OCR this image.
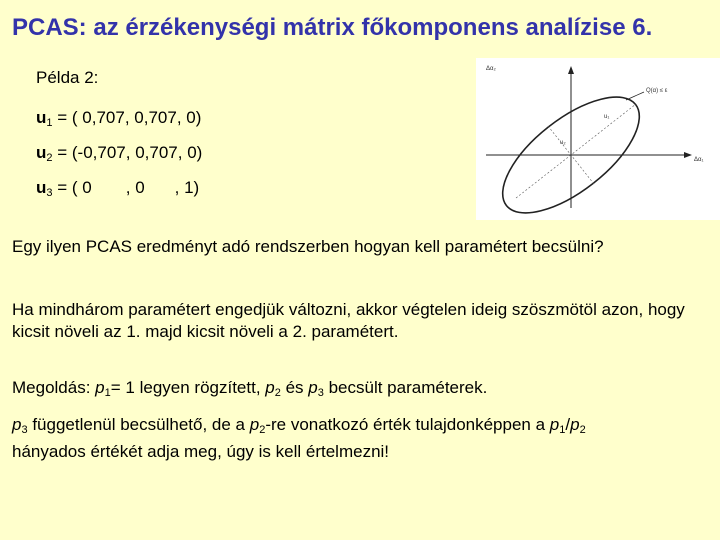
PCAS: az érzékenységi mátrix főkomponens analízise 6.
Példa 2:
$u_1$ = ( 0,707, 0,707, 0)
$u_2 = (-0,707$, 0,707, 0)
$u_3$ = ( 0 , 0 , 1)
Δα₂
Δα₁
Q(α) ≤ ε
u₁
u₂
Egy ilyen PCAS eredményt adó rendszerben hogyan kell paramétert becsülni?
Ha mindhárom paramétert engedjük változni, akkor végtelen ideig szöszmötöl azon, hogy kicsit növeli az 1. majd kicsit növeli a 2. paramétert.
Megoldás: $p_1= 1$ legyen rögzített, $p_2$ és $p_3$ becsült paraméterek.
$p_3$ függetlenül becsülhető, de a $p_2-re$ vonatkozó érték tulajdonképpen a $p_1/p_2$
hányados értékét adja meg, úgy is kell értelmezni!
